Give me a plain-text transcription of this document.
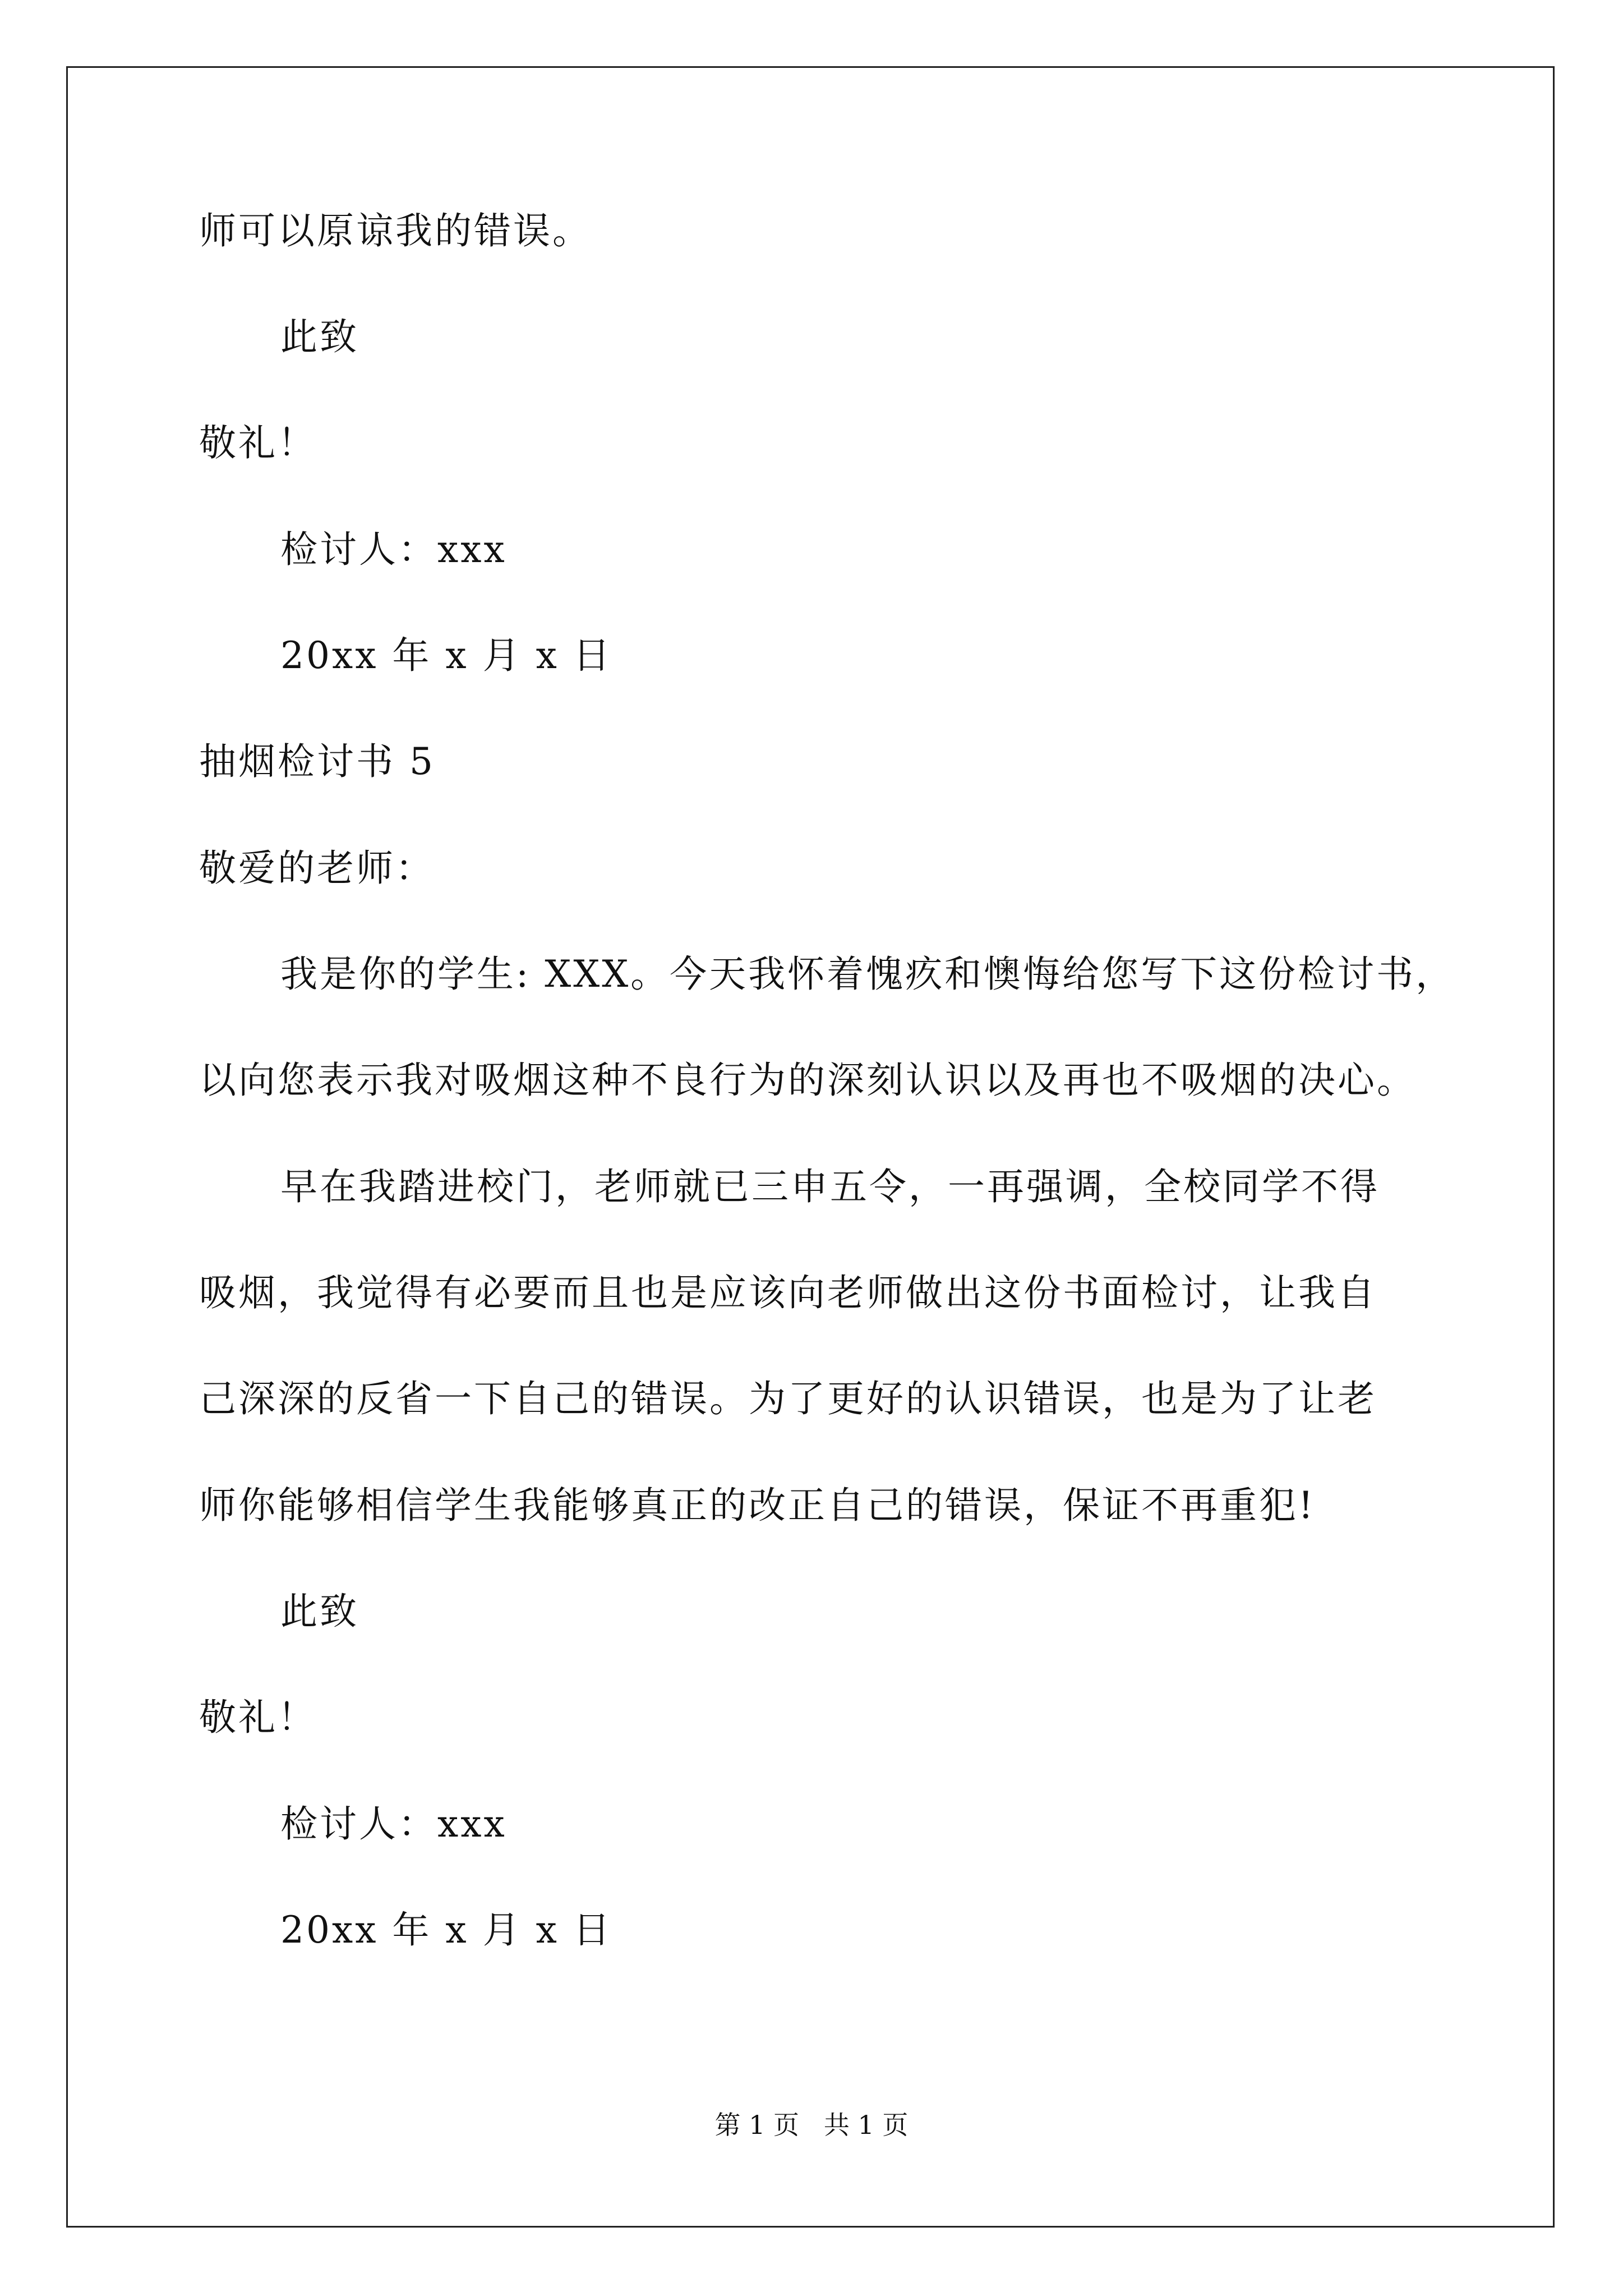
师可以原谅我的错误。
此致
敬礼！
检讨人：xxx
20xx 年 x 月 x 日
抽烟检讨书 5
敬爱的老师：
我是你的学生: XXX。今天我怀着愧疚和懊悔给您写下这份检讨书，
以向您表示我对吸烟这种不良行为的深刻认识以及再也不吸烟的决心。
早在我踏进校门，老师就已三申五令，一再强调，全校同学不得
吸烟，我觉得有必要而且也是应该向老师做出这份书面检讨，让我自
己深深的反省一下自己的错误。为了更好的认识错误，也是为了让老
师你能够相信学生我能够真正的改正自己的错误，保证不再重犯!
此致
敬礼！
检讨人：xxx
20xx 年 x 月 x 日
第 1 页   共 1 页
